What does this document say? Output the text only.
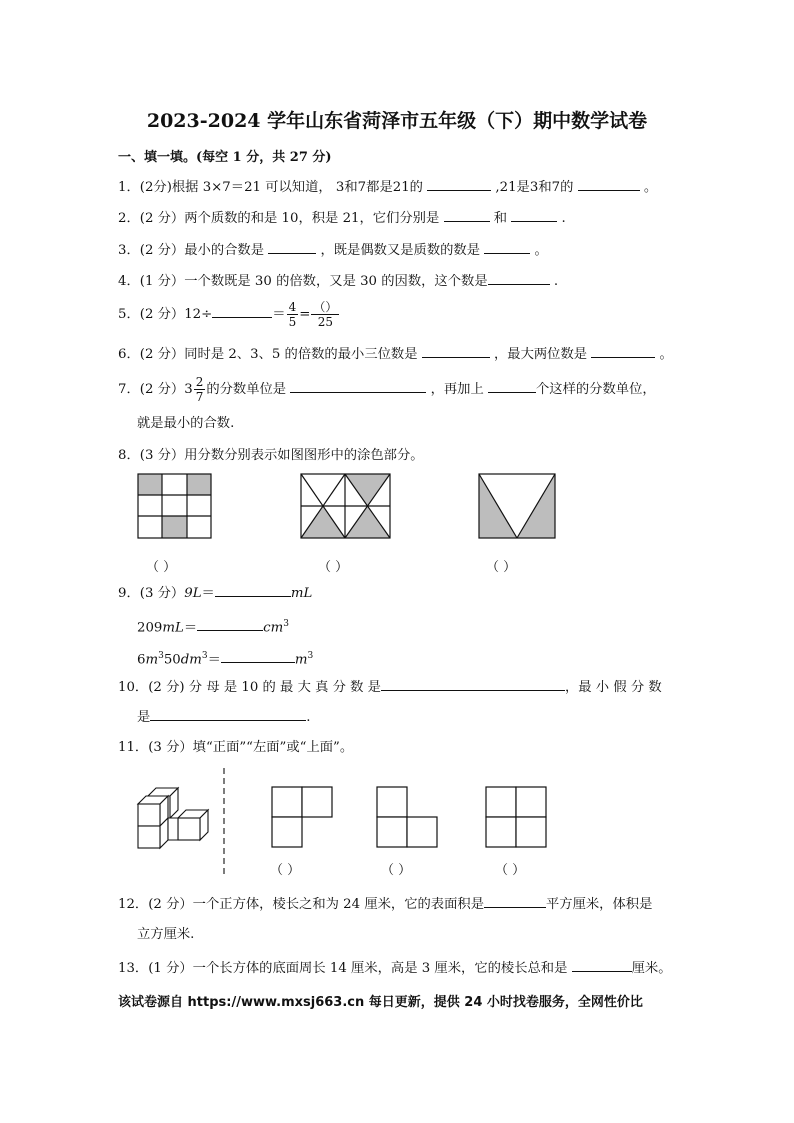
2023-2024 学年山东省菏泽市五年级（下）期中数学试卷
一、填一填。(每空 1 分，共 27 分)
1．(2分)根据 3×7＝21 可以知道， 3和7都是21的	,21是3和7的	。
2．(2 分）两个质数的和是 10，积是 21，它们分别是	和	.
3．(2 分）最小的合数是	，既是偶数又是质数的数是	。
4．(1 分）一个数既是 30 的倍数，又是 30 的因数，这个数是	.
5．(2 分）12÷	＝ $\frac{4}{5} = \frac{()}{25}$
6．(2 分）同时是 2、3、5 的倍数的最小三位数是	，最大两位数是	。
7．(2 分）$3 \frac{2}{7}$ 的分数单位是	，再加上	个这样的分数单位，
就是最小的合数.
8．(3 分）用分数分别表示如图图形中的涂色部分。
（ ）	（ ）	（ ）
9．(3 分）9L＝	mL
209mL＝	$cm^3$
$6m^350dm^3=$	$m^3$
10．(2 分) 分 母 是 10 的 最 大 真 分 数 是	，最 小 假 分 数
是	.
11．(3 分）填“正面”“左面”或“上面”。
（ ）	（ ）	（ ）
12．(2 分）一个正方体，棱长之和为 24 厘米，它的表面积是	平方厘米，体积是
立方厘米.
13．(1 分）一个长方体的底面周长 14 厘米，高是 3 厘米，它的棱长总和是	厘米。
该试卷源自 https://www.mxsj663.cn 每日更新，提供 24 小时找卷服务，全网性价比
